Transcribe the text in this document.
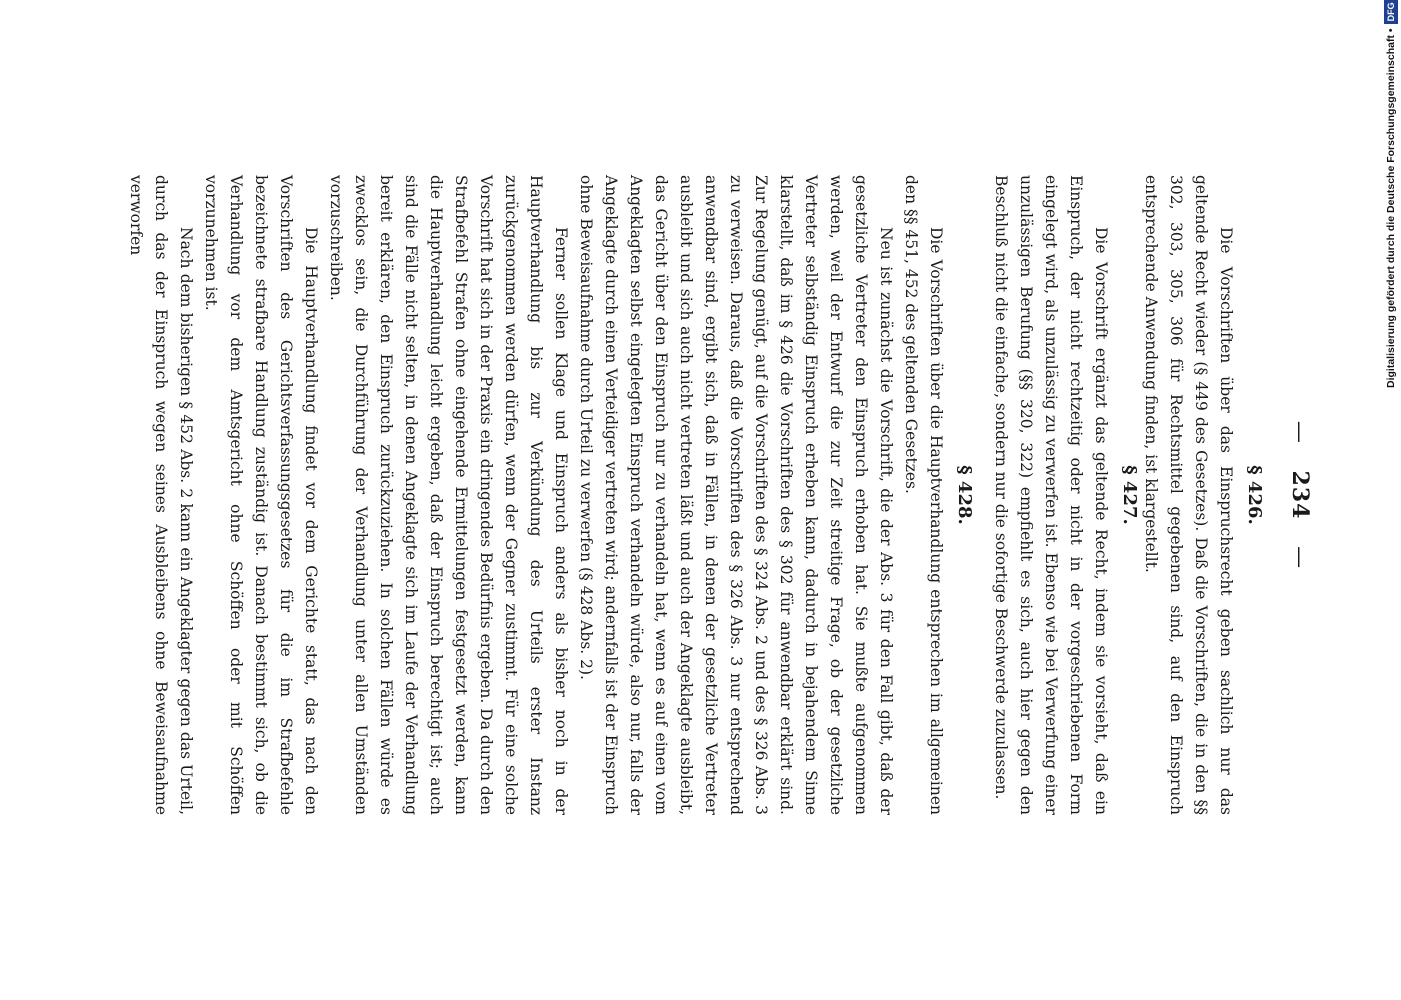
— 234 —
§ 426.

Die Vorschriften über das Einspruchsrecht geben sachlich nur das geltende Recht wieder (§ 449 des Gesetzes). Daß die Vorschriften, die in den §§ 302, 303, 305, 306 für Rechtsmittel gegebenen sind, auf den Einspruch entsprechende Anwendung finden, ist klargestellt.

§ 427.

Die Vorschrift ergänzt das geltende Recht, indem sie vorsieht, daß ein Einspruch, der nicht rechtzeitig oder nicht in der vorgeschriebenen Form eingelegt wird, als unzulässig zu verwerfen ist. Ebenso wie bei Verwerfung einer unzulässigen Berufung (§§ 320, 322) empfiehlt es sich, auch hier gegen den Beschluß nicht die einfache, sondern nur die sofortige Beschwerde zuzulassen.

§ 428.

Die Vorschriften über die Hauptverhandlung entsprechen im allgemeinen den §§ 451, 452 des geltenden Gesetzes.

Neu ist zunächst die Vorschrift, die der Abs. 3 für den Fall gibt, daß der gesetzliche Vertreter den Einspruch erhoben hat. Sie mußte aufgenommen werden, weil der Entwurf die zur Zeit streitige Frage, ob der gesetzliche Vertreter selbständig Einspruch erheben kann, dadurch in bejahendem Sinne klarstellt, daß im § 426 die Vorschriften des § 302 für anwendbar erklärt sind. Zur Regelung genügt, auf die Vorschriften des § 324 Abs. 2 und des § 326 Abs. 3 zu verweisen. Daraus, daß die Vorschriften des § 326 Abs. 3 nur entsprechend anwendbar sind, ergibt sich, daß in Fällen, in denen der gesetzliche Vertreter ausbleibt und sich auch nicht vertreten läßt und auch der Angeklagte ausbleibt, das Gericht über den Einspruch nur zu verhandeln hat, wenn es auf einen vom Angeklagten selbst eingelegten Einspruch verhandeln würde, also nur, falls der Angeklagte durch einen Verteidiger vertreten wird; andernfalls ist der Einspruch ohne Beweisaufnahme durch Urteil zu verwerfen (§ 428 Abs. 2).

Ferner sollen Klage und Einspruch anders als bisher noch in der Hauptverhandlung bis zur Verkündung des Urteils erster Instanz zurückgenommen werden dürfen, wenn der Gegner zustimmt. Für eine solche Vorschrift hat sich in der Praxis ein dringendes Bedürfnis ergeben. Da durch den Strafbefehl Strafen ohne eingehende Ermittelungen festgesetzt werden, kann die Hauptverhandlung leicht ergeben, daß der Einspruch berechtigt ist; auch sind die Fälle nicht selten, in denen Angeklagte sich im Laufe der Verhandlung bereit erklären, den Einspruch zurückzuziehen. In solchen Fällen würde es zwecklos sein, die Durchführung der Verhandlung unter allen Umständen vorzuschreiben.

Die Hauptverhandlung findet vor dem Gerichte statt, das nach den Vorschriften des Gerichtsverfassungsgesetzes für die im Strafbefehle bezeichnete strafbare Handlung zuständig ist. Danach bestimmt sich, ob die Verhandlung vor dem Amtsgericht ohne Schöffen oder mit Schöffen vorzunehmen ist.

Nach dem bisherigen § 452 Abs. 2 kann ein Angeklagter gegen das Urteil, durch das der Einspruch wegen seines Ausbleibens ohne Beweisaufnahme verworfen	Digitalisierung gefördert durch die Deutsche Forschungsgemeinschaft •DFG
